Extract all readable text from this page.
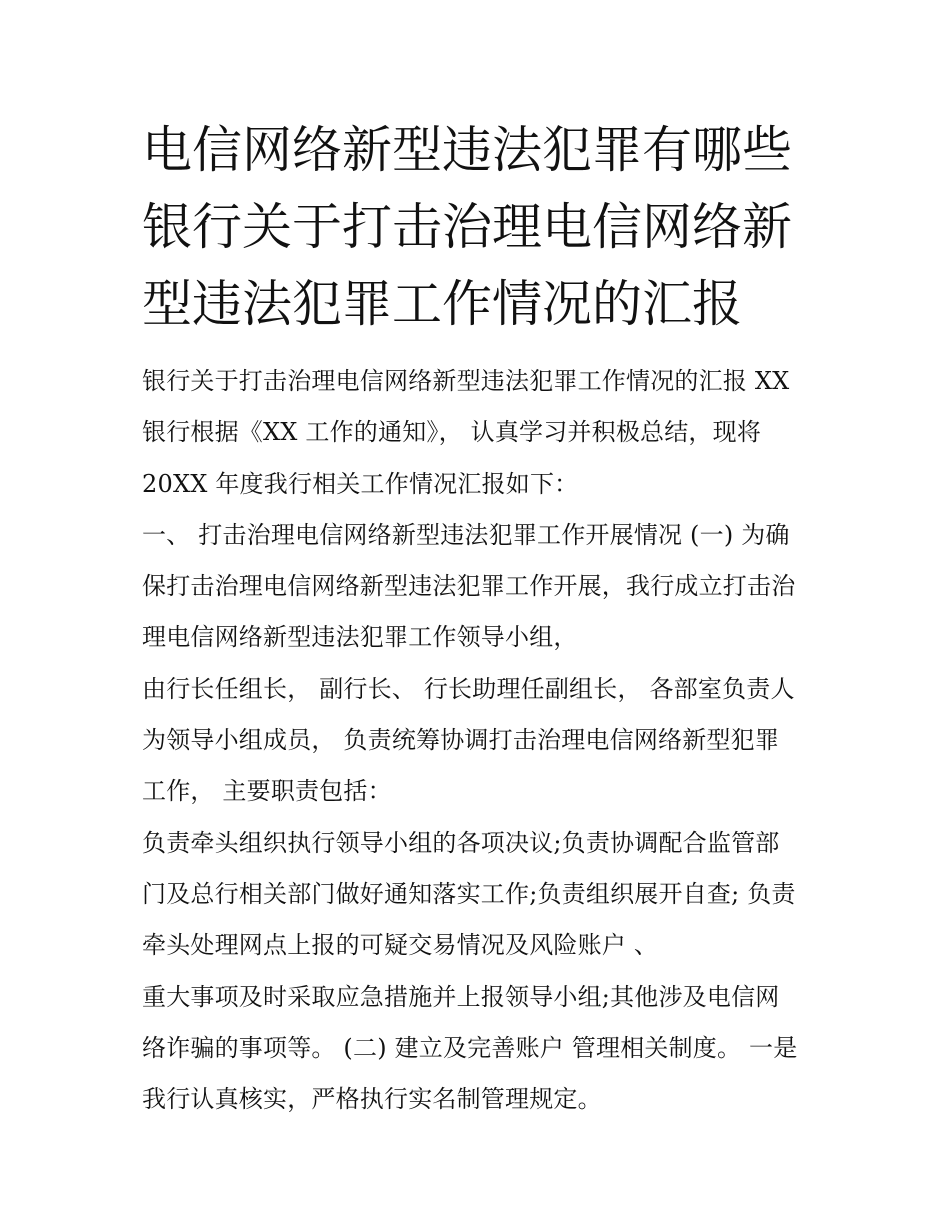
电信网络新型违法犯罪有哪些
银行关于打击治理电信网络新
型违法犯罪工作情况的汇报
银行关于打击治理电信网络新型违法犯罪工作情况的汇报 XX
银行根据《XX 工作的通知》， 认真学习并积极总结，现将
20XX 年度我行相关工作情况汇报如下：
一、 打击治理电信网络新型违法犯罪工作开展情况 (一) 为确
保打击治理电信网络新型违法犯罪工作开展，我行成立打击治
理电信网络新型违法犯罪工作领导小组，
由行长任组长， 副行长、 行长助理任副组长， 各部室负责人
为领导小组成员， 负责统筹协调打击治理电信网络新型犯罪
工作， 主要职责包括：
负责牵头组织执行领导小组的各项决议;负责协调配合监管部
门及总行相关部门做好通知落实工作;负责组织展开自查; 负责
牵头处理网点上报的可疑交易情况及风险账户 、
重大事项及时采取应急措施并上报领导小组;其他涉及电信网
络诈骗的事项等。 (二) 建立及完善账户 管理相关制度。 一是
我行认真核实，严格执行实名制管理规定。
